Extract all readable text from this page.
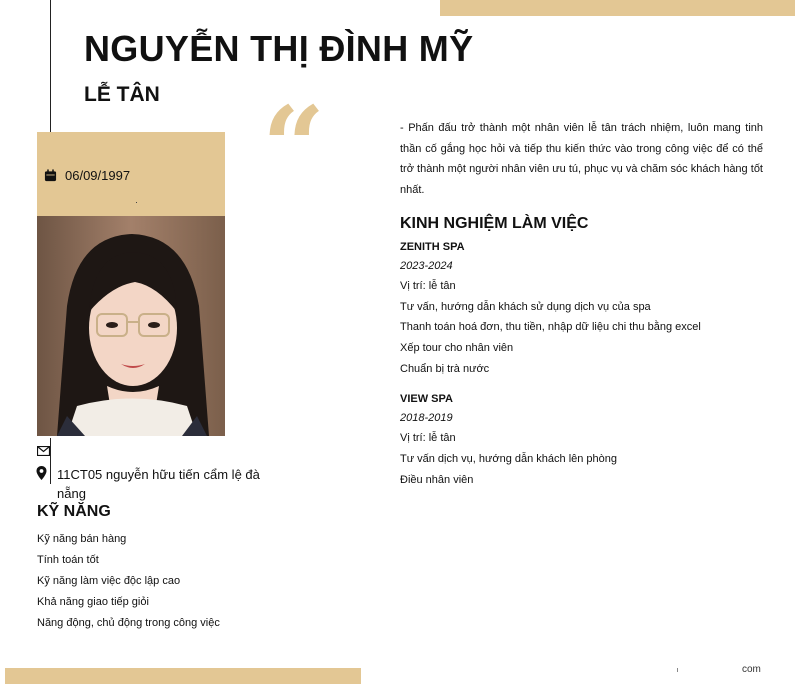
NGUYỄN THỊ ĐÌNH MỸ
LỄ TÂN “
06/09/1997
11CT05 nguyễn hữu tiến cẩm lệ đà nẵng
KỸ NĂNG
Kỹ năng bán hàng
Tính toán tốt
Kỹ năng làm việc độc lập cao
Khả năng giao tiếp giỏi
Năng động, chủ động trong công việc

- Phấn đấu trở thành một nhân viên lễ tân trách nhiệm, luôn mang tinh thần cố gắng học hỏi và tiếp thu kiến thức vào trong công việc để có thể trở thành một người nhân viên ưu tú, phục vụ và chăm sóc khách hàng tốt nhất.

KINH NGHIỆM LÀM VIỆC
ZENITH SPA
2023-2024
Vị trí: lễ tân
Tư vấn, hướng dẫn khách sử dụng dịch vụ của spa
Thanh toán hoá đơn, thu tiền, nhập dữ liệu chi thu bằng excel
Xếp tour cho nhân viên
Chuẩn bị trà nước
VIEW SPA
2018-2019
Vị trí: lễ tân
Tư vấn dịch vụ, hướng dẫn khách lên phòng
Điều nhân viên
com
